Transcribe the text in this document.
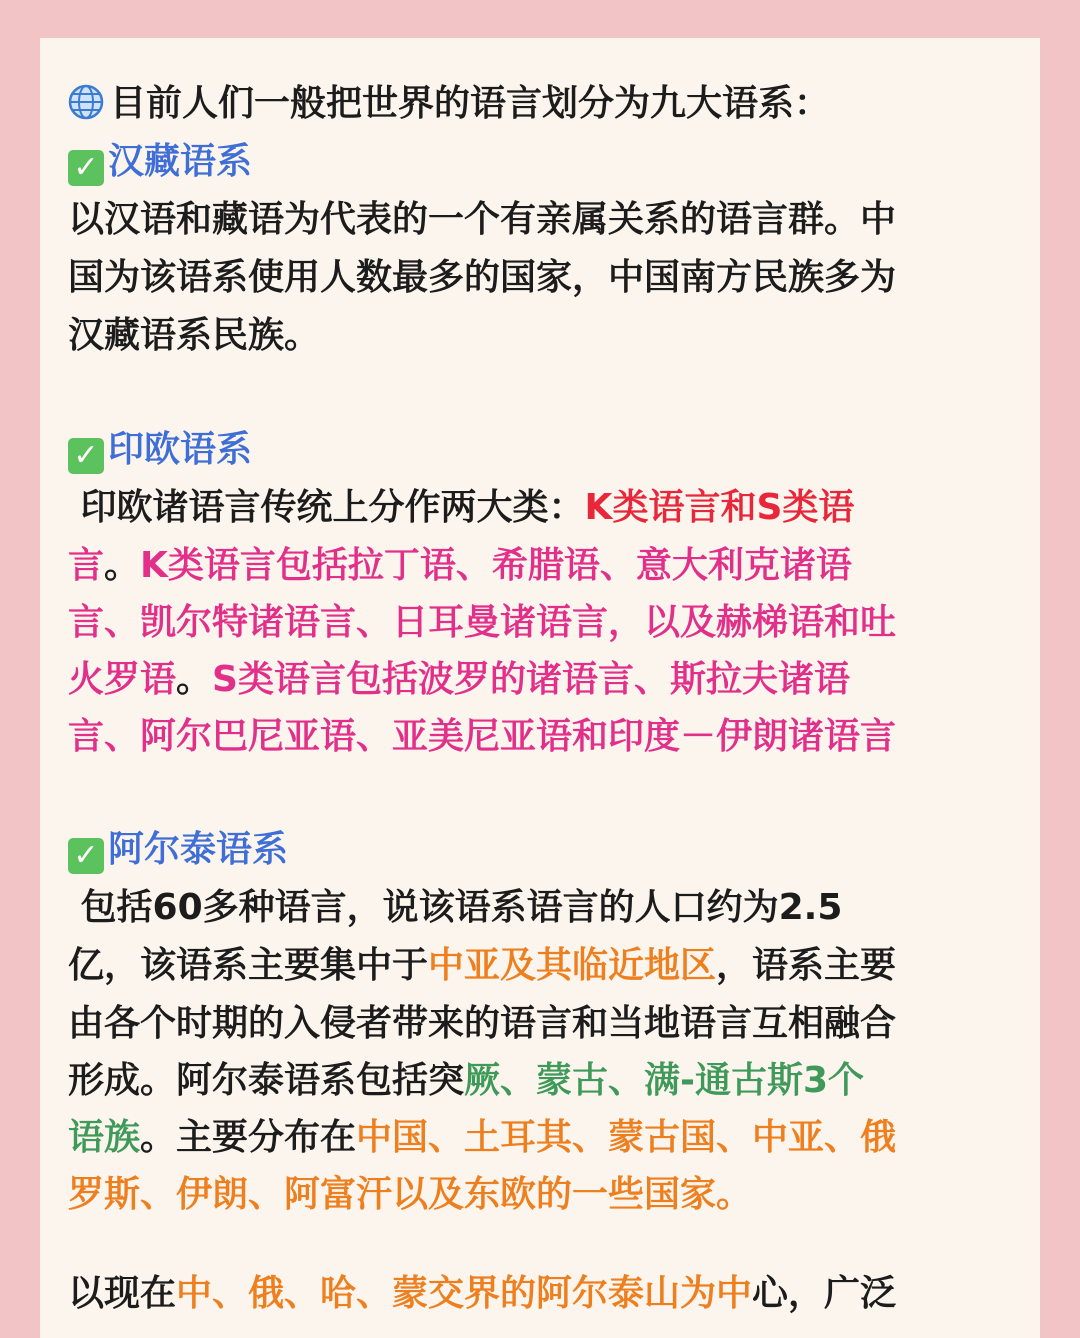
目前人们一般把世界的语言划分为九大语系：

✓ 汉藏语系

以汉语和藏语为代表的一个有亲属关系的语言群。中

国为该语系使用人数最多的国家，中国南方民族多为

汉藏语系民族。

✓ 印欧语系

印欧诸语言传统上分作两大类：K类语言和S类语

言。K类语言包括拉丁语、希腊语、意大利克诸语

言、凯尔特诸语言、日耳曼诸语言，以及赫梯语和吐

火罗语。S类语言包括波罗的诸语言、斯拉夫诸语

言、阿尔巴尼亚语、亚美尼亚语和印度－伊朗诸语言

✓ 阿尔泰语系

包括60多种语言，说该语系语言的人口约为2.5

亿，该语系主要集中于中亚及其临近地区，语系主要

由各个时期的入侵者带来的语言和当地语言互相融合

形成。阿尔泰语系包括突厥、蒙古、满-通古斯3个

语族。主要分布在中国、土耳其、蒙古国、中亚、俄

罗斯、伊朗、阿富汗以及东欧的一些国家。

以现在中、俄、哈、蒙交界的阿尔泰山为中心，广泛
